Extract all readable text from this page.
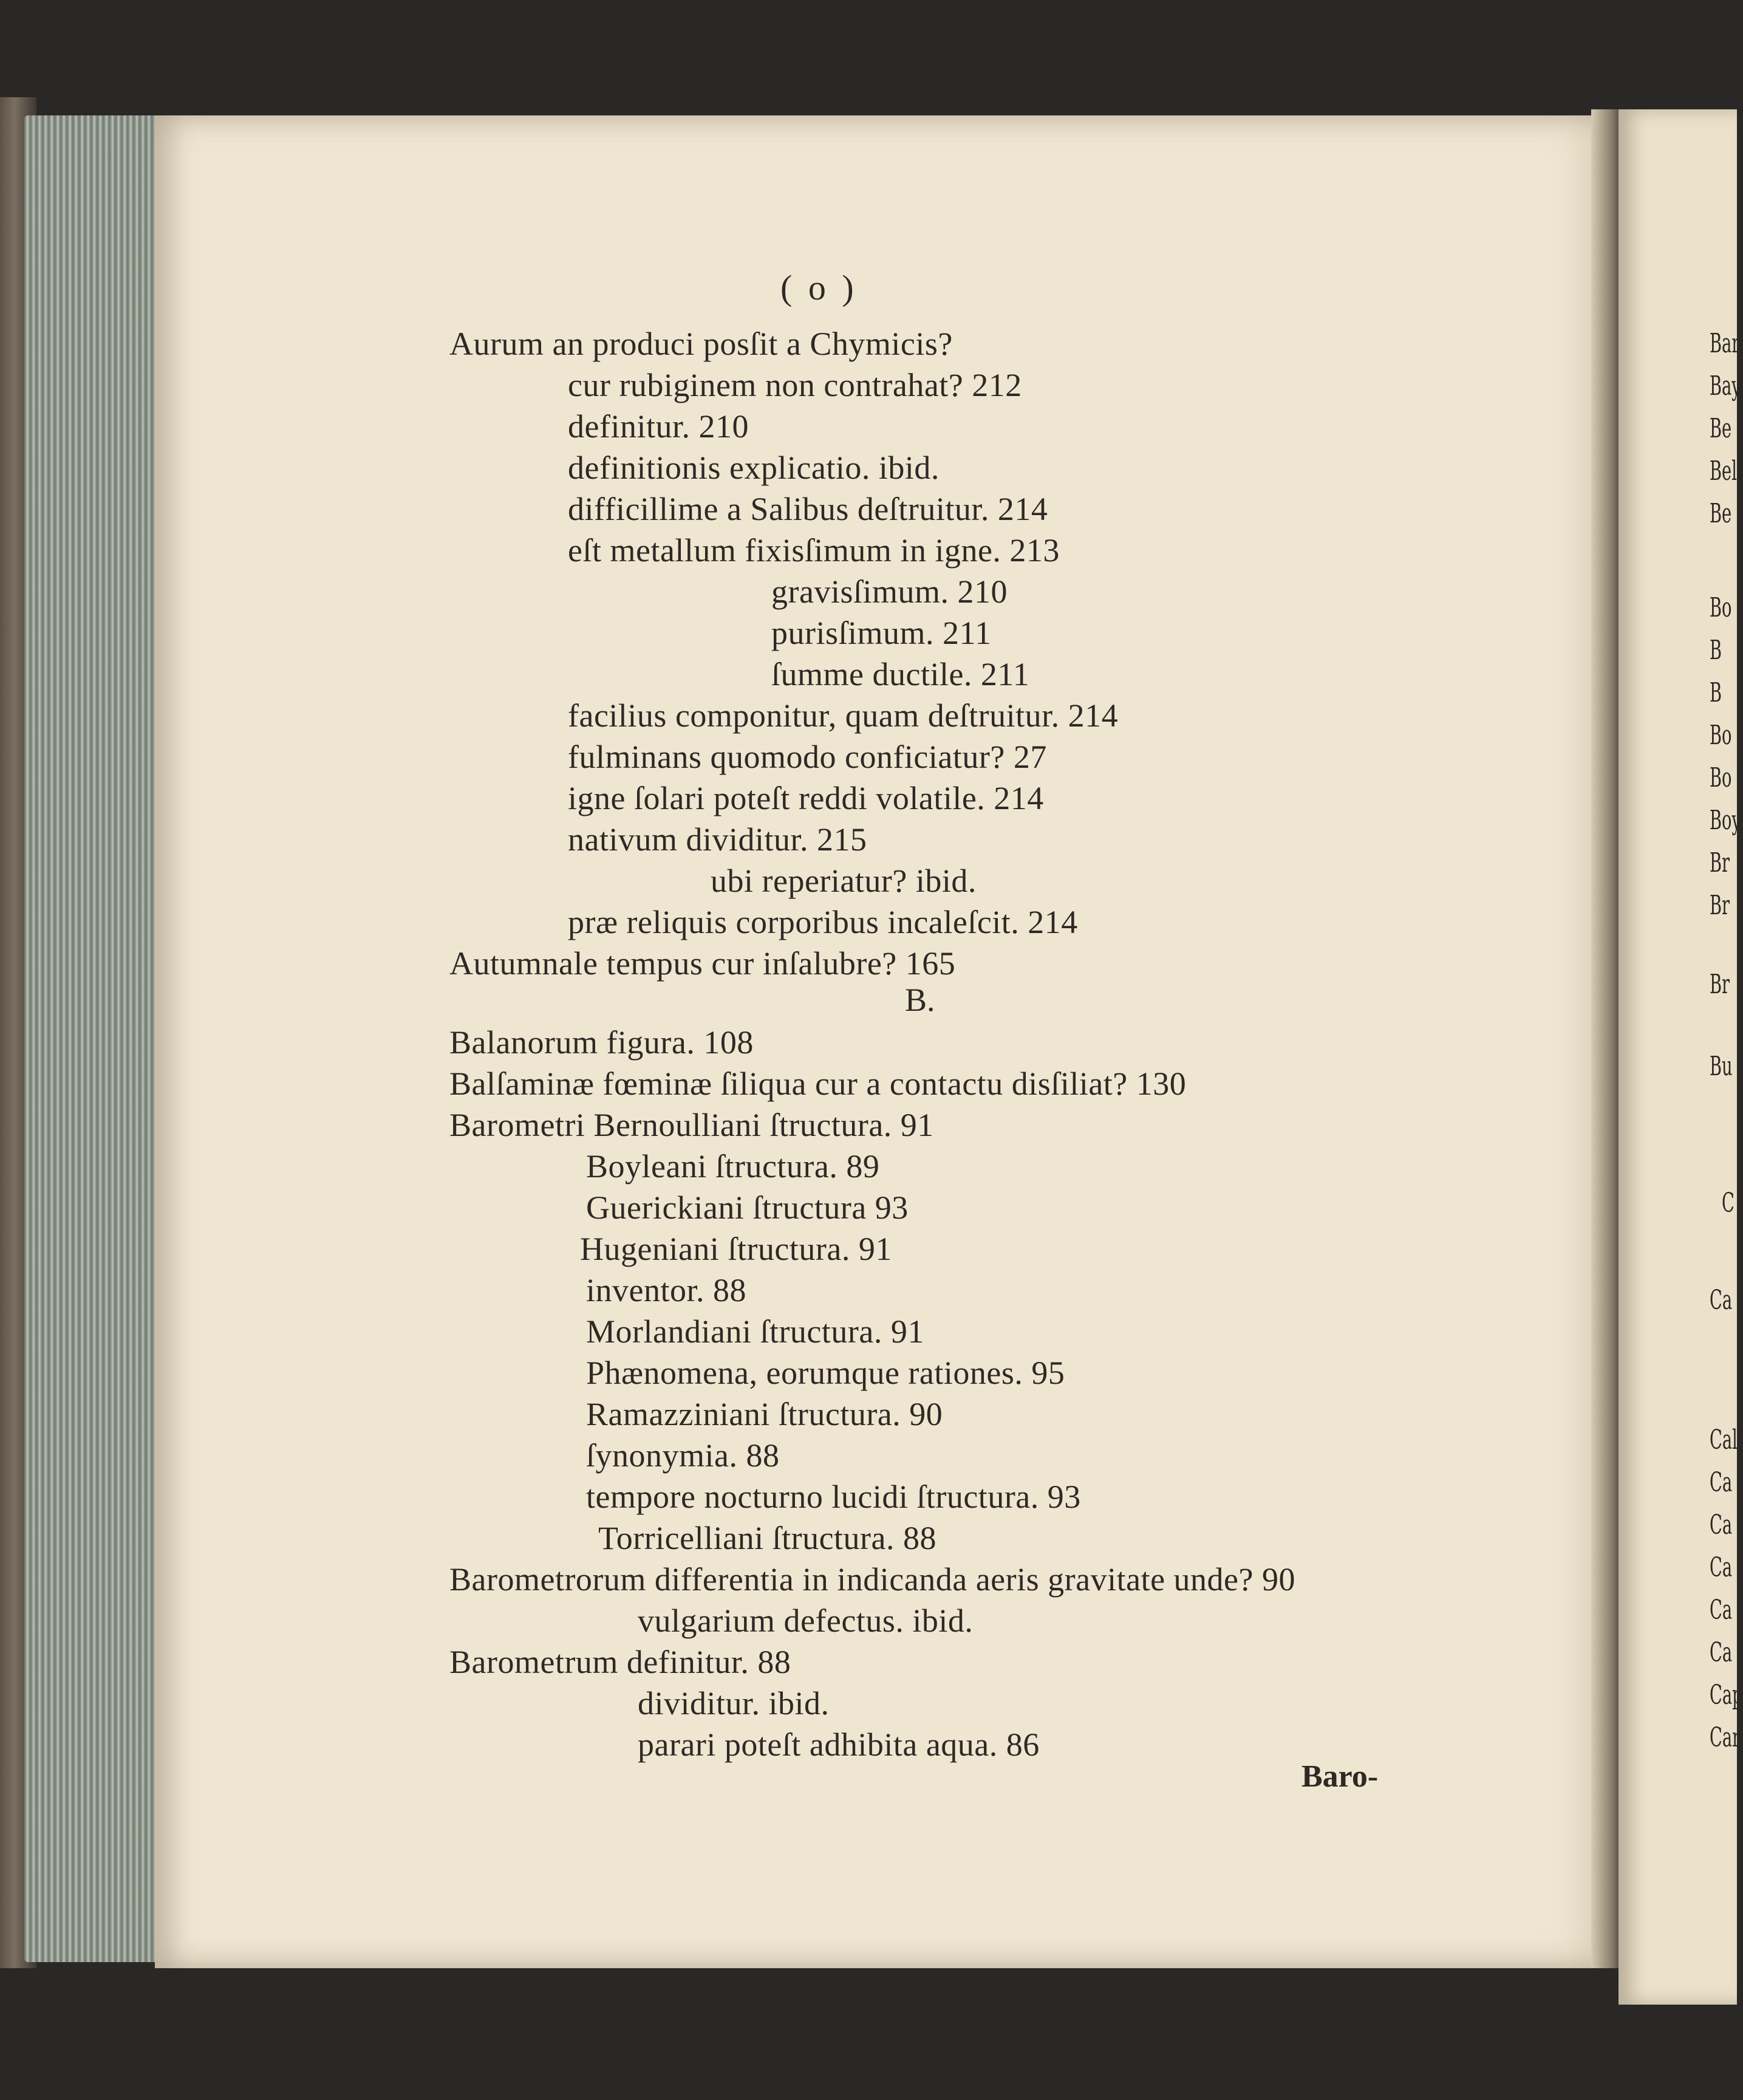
( o )
Aurum an produci posſit a Chymicis?
cur rubiginem non contrahat? 212
definitur. 210
definitionis explicatio. ibid.
difficillime a Salibus deſtruitur. 214
eſt metallum fixisſimum in igne. 213
gravisſimum. 210
purisſimum. 211
ſumme ductile. 211
facilius componitur, quam deſtruitur. 214
fulminans quomodo conficiatur? 27
igne ſolari poteſt reddi volatile. 214
nativum dividitur. 215
ubi reperiatur? ibid.
præ reliquis corporibus incaleſcit. 214
Autumnale tempus cur inſalubre? 165
B.
Balanorum figura. 108
Balſaminæ fœminæ ſiliqua cur a contactu disſiliat? 130
Barometri Bernoulliani ſtructura. 91
Boyleani ſtructura. 89
Guerickiani ſtructura 93
Hugeniani ſtructura. 91
inventor. 88
Morlandiani ſtructura. 91
Phænomena, eorumque rationes. 95
Ramazziniani ſtructura. 90
ſynonymia. 88
tempore nocturno lucidi ſtructura. 93
Torricelliani ſtructura. 88
Barometrorum differentia in indicanda aeris gravitate unde? 90
vulgarium defectus. ibid.
Barometrum definitur. 88
dividitur. ibid.
parari poteſt adhibita aqua. 86
Baro-
Bar
Bay
Be
Bel
Be
Bo
B
B
Bo
Bo
Boy
Br
Br
Br
Bu
C
Ca
Cal
Ca
Ca
Ca
Ca
Ca
Cap
Car
